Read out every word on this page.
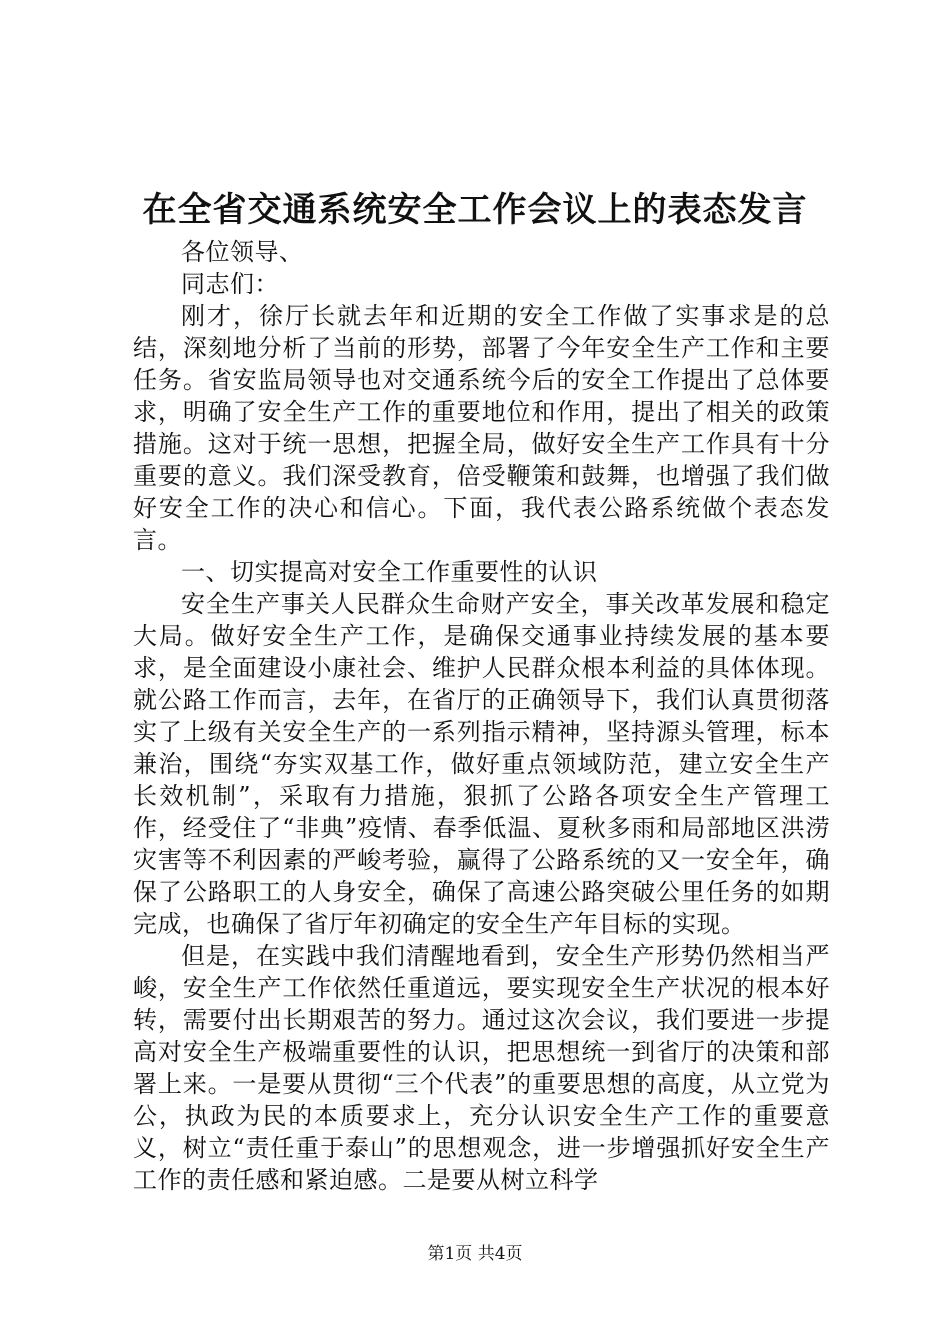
在全省交通系统安全工作会议上的表态发言

各位领导、

同志们：

刚才，徐厅长就去年和近期的安全工作做了实事求是的总结，深刻地分析了当前的形势，部署了今年安全生产工作和主要任务。省安监局领导也对交通系统今后的安全工作提出了总体要求，明确了安全生产工作的重要地位和作用，提出了相关的政策措施。这对于统一思想，把握全局，做好安全生产工作具有十分重要的意义。我们深受教育，倍受鞭策和鼓舞，也增强了我们做好安全工作的决心和信心。下面，我代表公路系统做个表态发言。

一、切实提高对安全工作重要性的认识

安全生产事关人民群众生命财产安全，事关改革发展和稳定大局。做好安全生产工作，是确保交通事业持续发展的基本要求，是全面建设小康社会、维护人民群众根本利益的具体体现。就公路工作而言，去年，在省厅的正确领导下，我们认真贯彻落实了上级有关安全生产的一系列指示精神，坚持源头管理，标本兼治，围绕“夯实双基工作，做好重点领域防范，建立安全生产长效机制”，采取有力措施，狠抓了公路各项安全生产管理工作，经受住了“非典”疫情、春季低温、夏秋多雨和局部地区洪涝灾害等不利因素的严峻考验，赢得了公路系统的又一安全年，确保了公路职工的人身安全，确保了高速公路突破公里任务的如期完成，也确保了省厅年初确定的安全生产年目标的实现。

但是，在实践中我们清醒地看到，安全生产形势仍然相当严峻，安全生产工作依然任重道远，要实现安全生产状况的根本好转，需要付出长期艰苦的努力。通过这次会议，我们要进一步提高对安全生产极端重要性的认识，把思想统一到省厅的决策和部署上来。一是要从贯彻“三个代表”的重要思想的高度，从立党为公，执政为民的本质要求上，充分认识安全生产工作的重要意义，树立“责任重于泰山”的思想观念，进一步增强抓好安全生产工作的责任感和紧迫感。二是要从树立科学

第1页 共4页
